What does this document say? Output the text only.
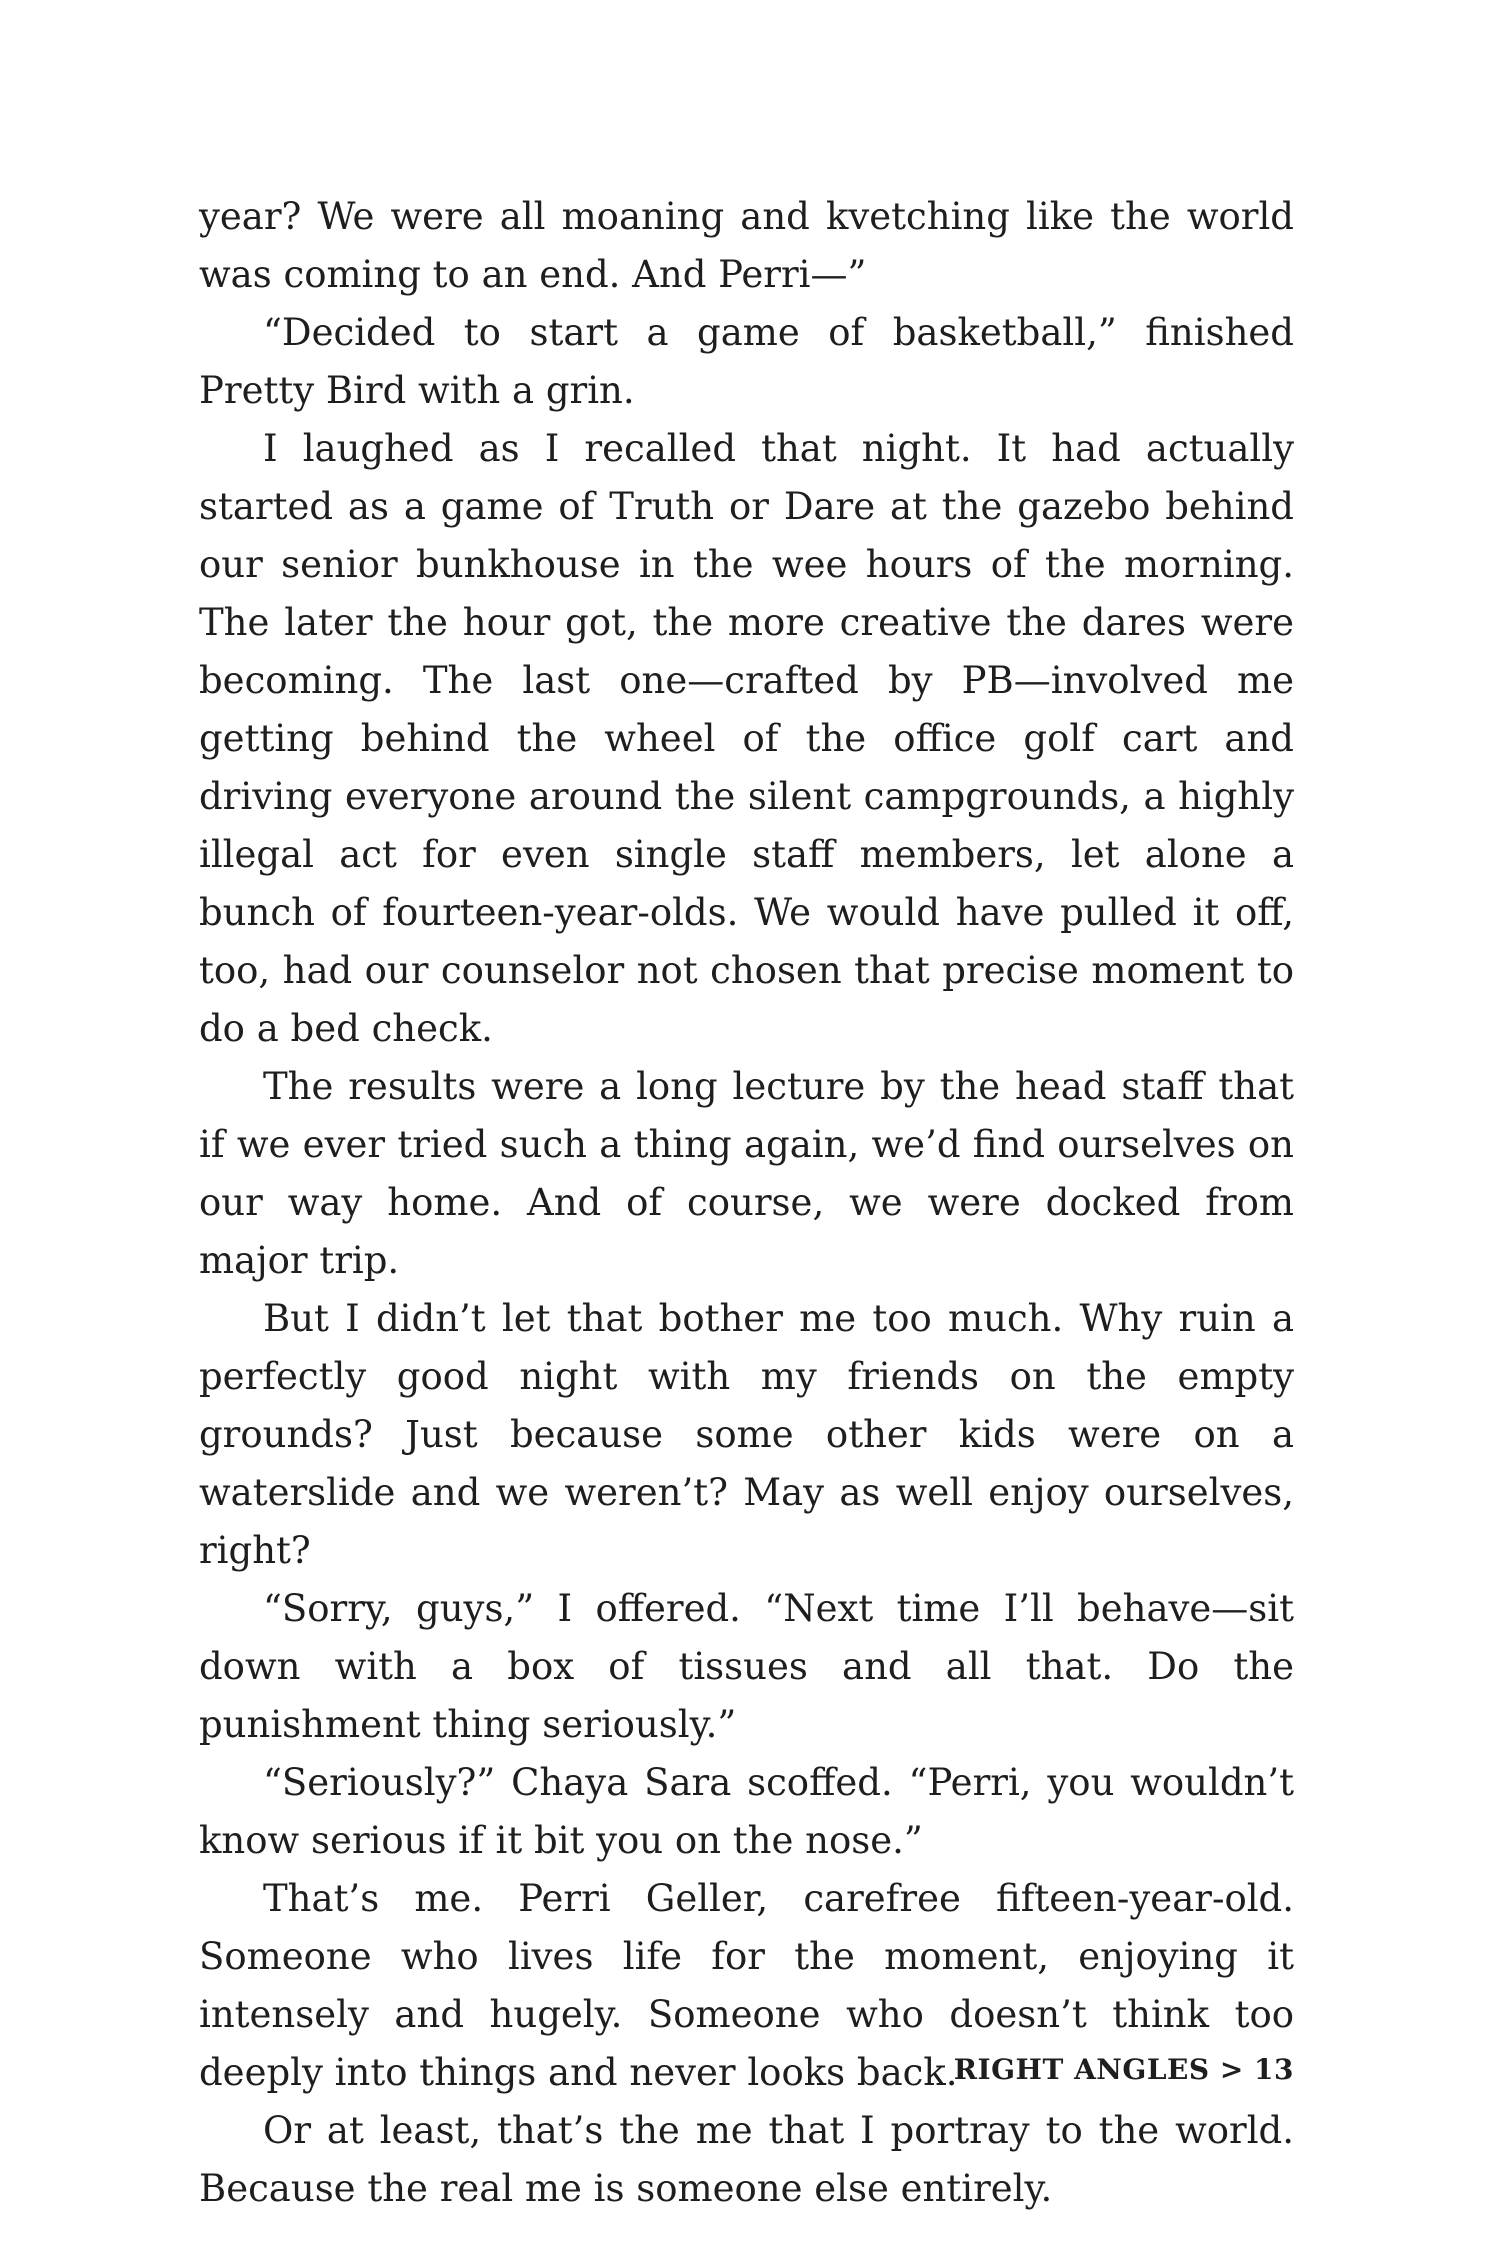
year? We were all moaning and kvetching like the world was coming to an end. And Perri—”

“Decided to start a game of basketball,” finished Pretty Bird with a grin.

I laughed as I recalled that night. It had actually started as a game of Truth or Dare at the gazebo behind our senior bunkhouse in the wee hours of the morning. The later the hour got, the more creative the dares were becoming. The last one—crafted by PB—involved me getting behind the wheel of the office golf cart and driving everyone around the silent campgrounds, a highly illegal act for even single staff members, let alone a bunch of fourteen-year-olds. We would have pulled it off, too, had our counselor not chosen that precise moment to do a bed check.

The results were a long lecture by the head staff that if we ever tried such a thing again, we’d find ourselves on our way home. And of course, we were docked from major trip.

But I didn’t let that bother me too much. Why ruin a perfectly good night with my friends on the empty grounds? Just because some other kids were on a waterslide and we weren’t? May as well enjoy ourselves, right?

“Sorry, guys,” I offered. “Next time I’ll behave—sit down with a box of tissues and all that. Do the punishment thing seriously.”

“Seriously?” Chaya Sara scoffed. “Perri, you wouldn’t know serious if it bit you on the nose.”

That’s me. Perri Geller, carefree fifteen-year-old. Someone who lives life for the moment, enjoying it intensely and hugely. Someone who doesn’t think too deeply into things and never looks back.

Or at least, that’s the me that I portray to the world. Because the real me is someone else entirely.

RIGHT ANGLES > 13
